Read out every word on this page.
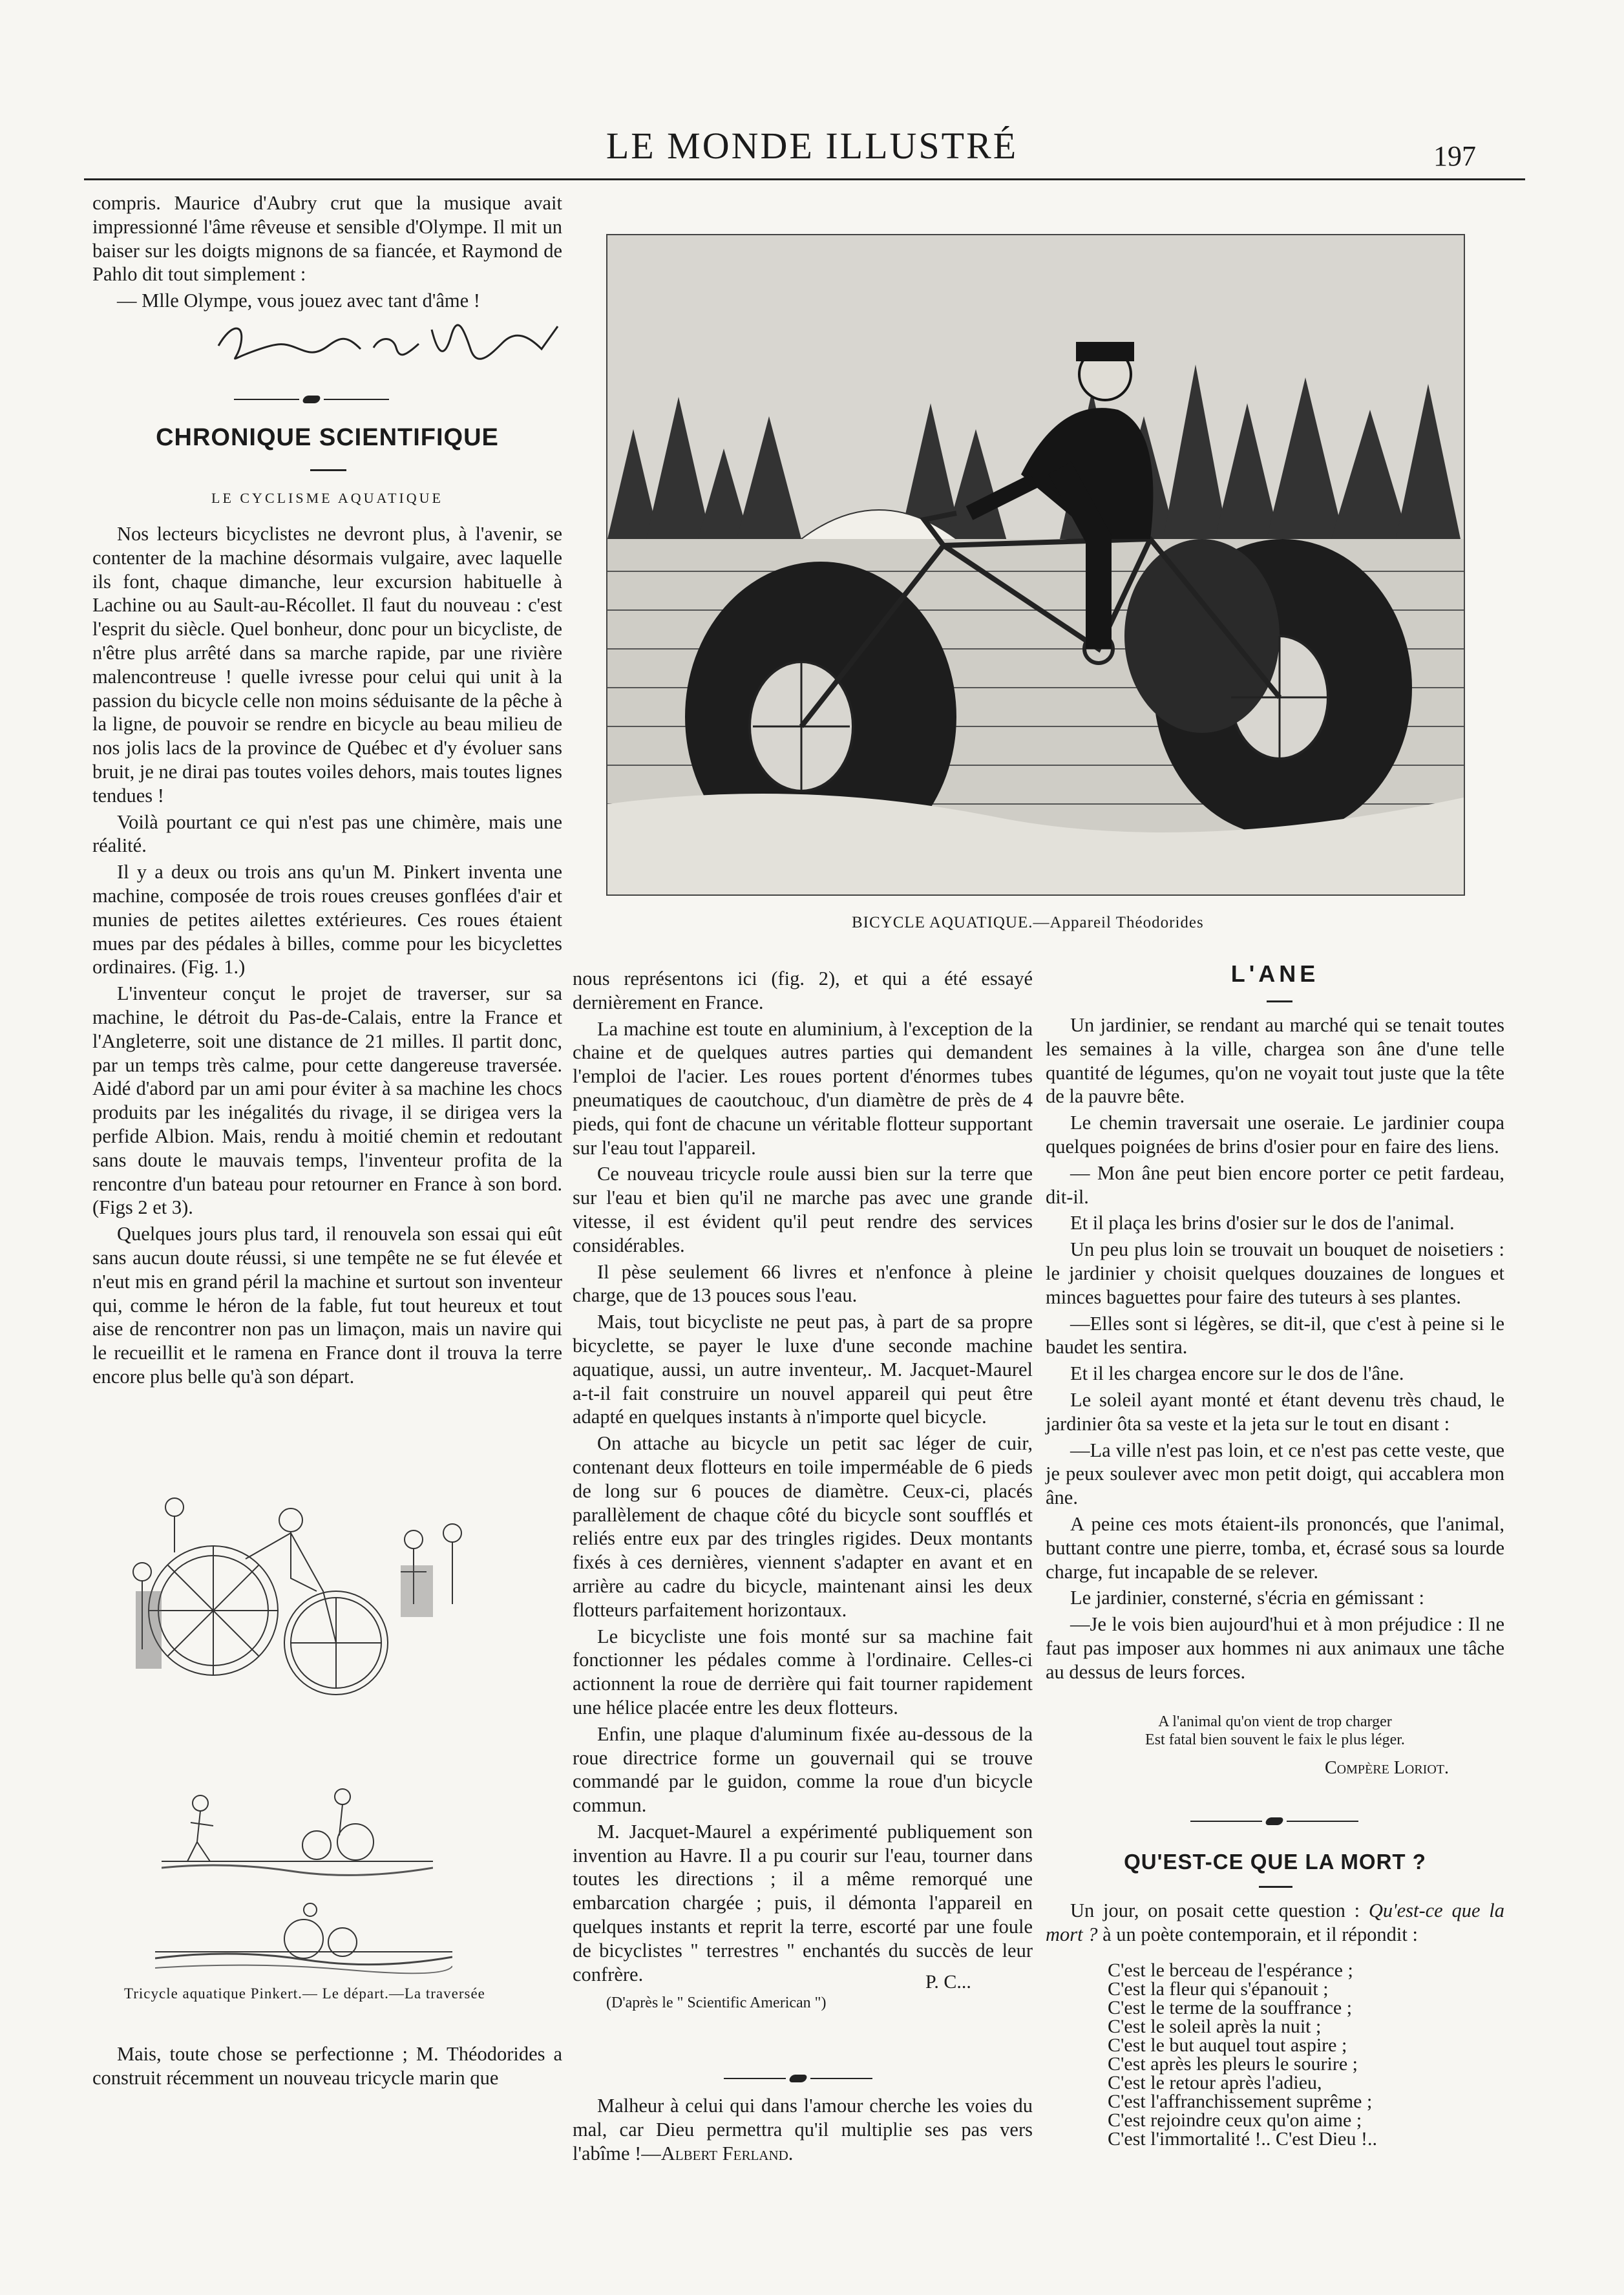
LE MONDE ILLUSTRÉ	197

compris. Maurice d'Aubry crut que la musique avait impressionné l'âme rêveuse et sensible d'Olympe. Il mit un baiser sur les doigts mignons de sa fiancée, et Raymond de Pahlo dit tout simplement :

— Mlle Olympe, vous jouez avec tant d'âme !

CHRONIQUE SCIENTIFIQUE
LE CYCLISME AQUATIQUE

Nos lecteurs bicyclistes ne devront plus, à l'avenir, se contenter de la machine désormais vulgaire, avec laquelle ils font, chaque dimanche, leur excursion habituelle à Lachine ou au Sault-au-Récollet. Il faut du nouveau : c'est l'esprit du siècle. Quel bonheur, donc pour un bicycliste, de n'être plus arrêté dans sa marche rapide, par une rivière malencontreuse ! quelle ivresse pour celui qui unit à la passion du bicycle celle non moins séduisante de la pêche à la ligne, de pouvoir se rendre en bicycle au beau milieu de nos jolis lacs de la province de Québec et d'y évoluer sans bruit, je ne dirai pas toutes voiles dehors, mais toutes lignes tendues !

Voilà pourtant ce qui n'est pas une chimère, mais une réalité.

Il y a deux ou trois ans qu'un M. Pinkert inventa une machine, composée de trois roues creuses gonflées d'air et munies de petites ailettes extérieures. Ces roues étaient mues par des pédales à billes, comme pour les bicyclettes ordinaires. (Fig. 1.)

L'inventeur conçut le projet de traverser, sur sa machine, le détroit du Pas-de-Calais, entre la France et l'Angleterre, soit une distance de 21 milles. Il partit donc, par un temps très calme, pour cette dangereuse traversée. Aidé d'abord par un ami pour éviter à sa machine les chocs produits par les inégalités du rivage, il se dirigea vers la perfide Albion. Mais, rendu à moitié chemin et redoutant sans doute le mauvais temps, l'inventeur profita de la rencontre d'un bateau pour retourner en France à son bord. (Figs 2 et 3).

Quelques jours plus tard, il renouvela son essai qui eût sans aucun doute réussi, si une tempête ne se fut élevée et n'eut mis en grand péril la machine et surtout son inventeur qui, comme le héron de la fable, fut tout heureux et tout aise de rencontrer non pas un limaçon, mais un navire qui le recueillit et le ramena en France dont il trouva la terre encore plus belle qu'à son départ.

Tricycle aquatique Pinkert.— Le départ.—La traversée

Mais, toute chose se perfectionne ; M. Théodorides a construit récemment un nouveau tricycle marin que

BICYCLE AQUATIQUE.—Appareil Théodorides

nous représentons ici (fig. 2), et qui a été essayé dernièrement en France.

La machine est toute en aluminium, à l'exception de la chaine et de quelques autres parties qui demandent l'emploi de l'acier. Les roues portent d'énormes tubes pneumatiques de caoutchouc, d'un diamètre de près de 4 pieds, qui font de chacune un véritable flotteur supportant sur l'eau tout l'appareil.

Ce nouveau tricycle roule aussi bien sur la terre que sur l'eau et bien qu'il ne marche pas avec une grande vitesse, il est évident qu'il peut rendre des services considérables.

Il pèse seulement 66 livres et n'enfonce à pleine charge, que de 13 pouces sous l'eau.

Mais, tout bicycliste ne peut pas, à part de sa propre bicyclette, se payer le luxe d'une seconde machine aquatique, aussi, un autre inventeur,. M. Jacquet-Maurel a-t-il fait construire un nouvel appareil qui peut être adapté en quelques instants à n'importe quel bicycle.

On attache au bicycle un petit sac léger de cuir, contenant deux flotteurs en toile imperméable de 6 pieds de long sur 6 pouces de diamètre. Ceux-ci, placés parallèlement de chaque côté du bicycle sont soufflés et reliés entre eux par des tringles rigides. Deux montants fixés à ces dernières, viennent s'adapter en avant et en arrière au cadre du bicycle, maintenant ainsi les deux flotteurs parfaitement horizontaux.

Le bicycliste une fois monté sur sa machine fait fonctionner les pédales comme à l'ordinaire. Celles-ci actionnent la roue de derrière qui fait tourner rapidement une hélice placée entre les deux flotteurs.

Enfin, une plaque d'aluminum fixée au-dessous de la roue directrice forme un gouvernail qui se trouve commandé par le guidon, comme la roue d'un bicycle commun.

M. Jacquet-Maurel a expérimenté publiquement son invention au Havre. Il a pu courir sur l'eau, tourner dans toutes les directions ; il a même remorqué une embarcation chargée ; puis, il démonta l'appareil en quelques instants et reprit la terre, escorté par une foule de bicyclistes " terrestres " enchantés du succès de leur confrère.	P. C...
(D'après le " Scientific American ")

Malheur à celui qui dans l'amour cherche les voies du mal, car Dieu permettra qu'il multiplie ses pas vers l'abîme !—Albert Ferland.

L'ANE

Un jardinier, se rendant au marché qui se tenait toutes les semaines à la ville, chargea son âne d'une telle quantité de légumes, qu'on ne voyait tout juste que la tête de la pauvre bête.

Le chemin traversait une oseraie. Le jardinier coupa quelques poignées de brins d'osier pour en faire des liens.

— Mon âne peut bien encore porter ce petit fardeau, dit-il.

Et il plaça les brins d'osier sur le dos de l'animal.

Un peu plus loin se trouvait un bouquet de noisetiers : le jardinier y choisit quelques douzaines de longues et minces baguettes pour faire des tuteurs à ses plantes.

—Elles sont si légères, se dit-il, que c'est à peine si le baudet les sentira.

Et il les chargea encore sur le dos de l'âne.

Le soleil ayant monté et étant devenu très chaud, le jardinier ôta sa veste et la jeta sur le tout en disant :

—La ville n'est pas loin, et ce n'est pas cette veste, que je peux soulever avec mon petit doigt, qui accablera mon âne.

A peine ces mots étaient-ils prononcés, que l'animal, buttant contre une pierre, tomba, et, écrasé sous sa lourde charge, fut incapable de se relever.

Le jardinier, consterné, s'écria en gémissant :

—Je le vois bien aujourd'hui et à mon préjudice : Il ne faut pas imposer aux hommes ni aux animaux une tâche au dessus de leurs forces.

A l'animal qu'on vient de trop charger
Est fatal bien souvent le faix le plus léger.
Compère Loriot.
QU'EST-CE QUE LA MORT ?

Un jour, on posait cette question : Qu'est-ce que la mort ? à un poète contemporain, et il répondit :

C'est le berceau de l'espérance ;
C'est la fleur qui s'épanouit ;
C'est le terme de la souffrance ;
C'est le soleil après la nuit ;
C'est le but auquel tout aspire ;
C'est après les pleurs le sourire ;
C'est le retour après l'adieu,
C'est l'affranchissement suprême ;
C'est rejoindre ceux qu'on aime ;
C'est l'immortalité !.. C'est Dieu !..
